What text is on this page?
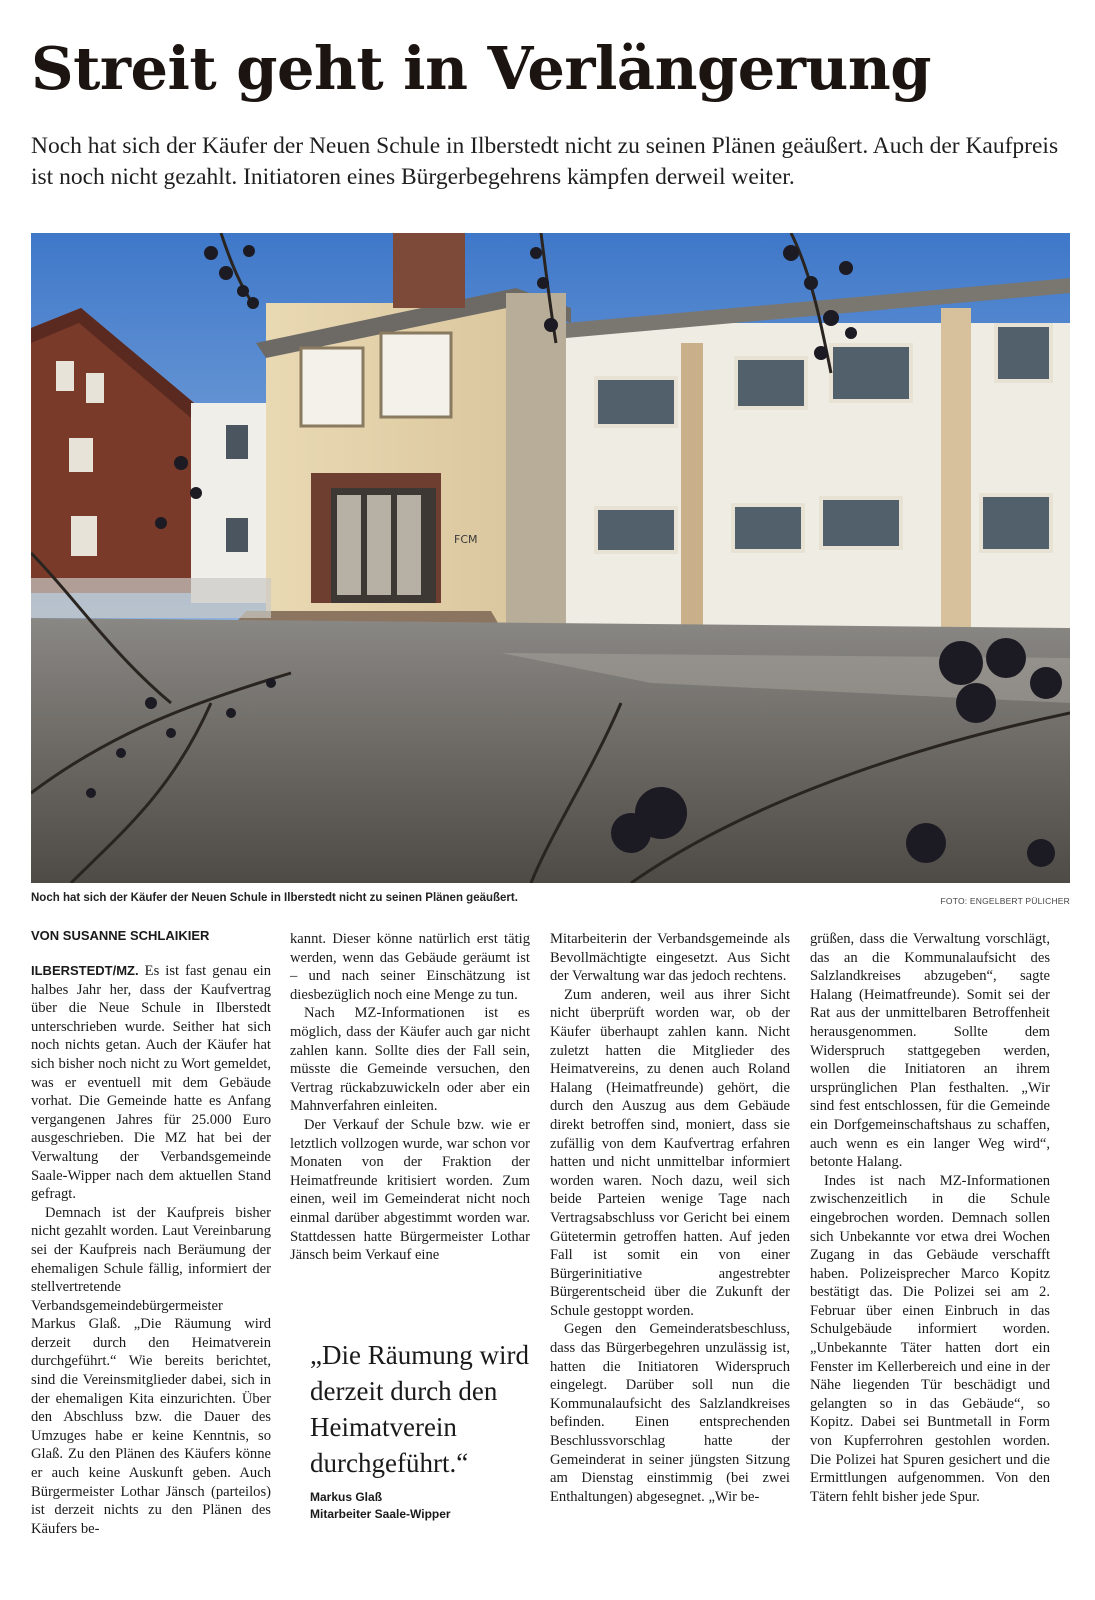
Streit geht in Verlängerung

Noch hat sich der Käufer der Neuen Schule in Ilberstedt nicht zu seinen Plänen geäußert. Auch der Kaufpreis ist noch nicht gezahlt. Initiatoren eines Bürgerbegehrens kämpfen derweil weiter.

FCM
Noch hat sich der Käufer der Neuen Schule in Ilberstedt nicht zu seinen Plänen geäußert.	FOTO: ENGELBERT PÜLICHER
VON SUSANNE SCHLAIKIER

ILBERSTEDT/MZ. Es ist fast genau ein halbes Jahr her, dass der Kaufvertrag über die Neue Schule in Ilberstedt unterschrieben wurde. Seither hat sich noch nichts getan. Auch der Käufer hat sich bisher noch nicht zu Wort gemeldet, was er eventuell mit dem Gebäude vorhat. Die Gemeinde hatte es Anfang vergangenen Jahres für 25.000 Euro ausgeschrieben. Die MZ hat bei der Verwaltung der Verbandsgemeinde Saale-Wipper nach dem aktuellen Stand gefragt.

Demnach ist der Kaufpreis bisher nicht gezahlt worden. Laut Vereinbarung sei der Kaufpreis nach Beräumung der ehemaligen Schule fällig, informiert der stellvertretende Verbandsgemeindebürgermeister Markus Glaß. „Die Räumung wird derzeit durch den Heimatverein durchgeführt.“ Wie bereits berichtet, sind die Vereinsmitglieder dabei, sich in der ehemaligen Kita einzurichten. Über den Abschluss bzw. die Dauer des Umzuges habe er keine Kenntnis, so Glaß. Zu den Plänen des Käufers könne er auch keine Auskunft geben. Auch Bürgermeister Lothar Jänsch (parteilos) ist derzeit nichts zu den Plänen des Käufers be-

kannt. Dieser könne natürlich erst tätig werden, wenn das Gebäude geräumt ist – und nach seiner Einschätzung ist diesbezüglich noch eine Menge zu tun.

Nach MZ-Informationen ist es möglich, dass der Käufer auch gar nicht zahlen kann. Sollte dies der Fall sein, müsste die Gemeinde versuchen, den Vertrag rückabzuwickeln oder aber ein Mahnverfahren einleiten.

Der Verkauf der Schule bzw. wie er letztlich vollzogen wurde, war schon vor Monaten von der Fraktion der Heimatfreunde kritisiert worden. Zum einen, weil im Gemeinderat nicht noch einmal darüber abgestimmt worden war. Stattdessen hatte Bürgermeister Lothar Jänsch beim Verkauf eine

„Die Räumung wird derzeit durch den Heimatverein durchgeführt.“

Markus Glaß
Mitarbeiter Saale-Wipper

Mitarbeiterin der Verbandsgemeinde als Bevollmächtigte eingesetzt. Aus Sicht der Verwaltung war das jedoch rechtens.

Zum anderen, weil aus ihrer Sicht nicht überprüft worden war, ob der Käufer überhaupt zahlen kann. Nicht zuletzt hatten die Mitglieder des Heimatvereins, zu denen auch Roland Halang (Heimatfreunde) gehört, die durch den Auszug aus dem Gebäude direkt betroffen sind, moniert, dass sie zufällig von dem Kaufvertrag erfahren hatten und nicht unmittelbar informiert worden waren. Noch dazu, weil sich beide Parteien wenige Tage nach Vertragsabschluss vor Gericht bei einem Gütetermin getroffen hatten. Auf jeden Fall ist somit ein von einer Bürgerinitiative angestrebter Bürgerentscheid über die Zukunft der Schule gestoppt worden.

Gegen den Gemeinderatsbeschluss, dass das Bürgerbegehren unzulässig ist, hatten die Initiatoren Widerspruch eingelegt. Darüber soll nun die Kommunalaufsicht des Salzlandkreises befinden. Einen entsprechenden Beschlussvorschlag hatte der Gemeinderat in seiner jüngsten Sitzung am Dienstag einstimmig (bei zwei Enthaltungen) abgesegnet. „Wir be-

grüßen, dass die Verwaltung vorschlägt, das an die Kommunalaufsicht des Salzlandkreises abzugeben“, sagte Halang (Heimatfreunde). Somit sei der Rat aus der unmittelbaren Betroffenheit herausgenommen. Sollte dem Widerspruch stattgegeben werden, wollen die Initiatoren an ihrem ursprünglichen Plan festhalten. „Wir sind fest entschlossen, für die Gemeinde ein Dorfgemeinschaftshaus zu schaffen, auch wenn es ein langer Weg wird“, betonte Halang.

Indes ist nach MZ-Informationen zwischenzeitlich in die Schule eingebrochen worden. Demnach sollen sich Unbekannte vor etwa drei Wochen Zugang in das Gebäude verschafft haben. Polizeisprecher Marco Kopitz bestätigt das. Die Polizei sei am 2. Februar über einen Einbruch in das Schulgebäude informiert worden. „Unbekannte Täter hatten dort ein Fenster im Kellerbereich und eine in der Nähe liegenden Tür beschädigt und gelangten so in das Gebäude“, so Kopitz. Dabei sei Buntmetall in Form von Kupferrohren gestohlen worden. Die Polizei hat Spuren gesichert und die Ermittlungen aufgenommen. Von den Tätern fehlt bisher jede Spur.
